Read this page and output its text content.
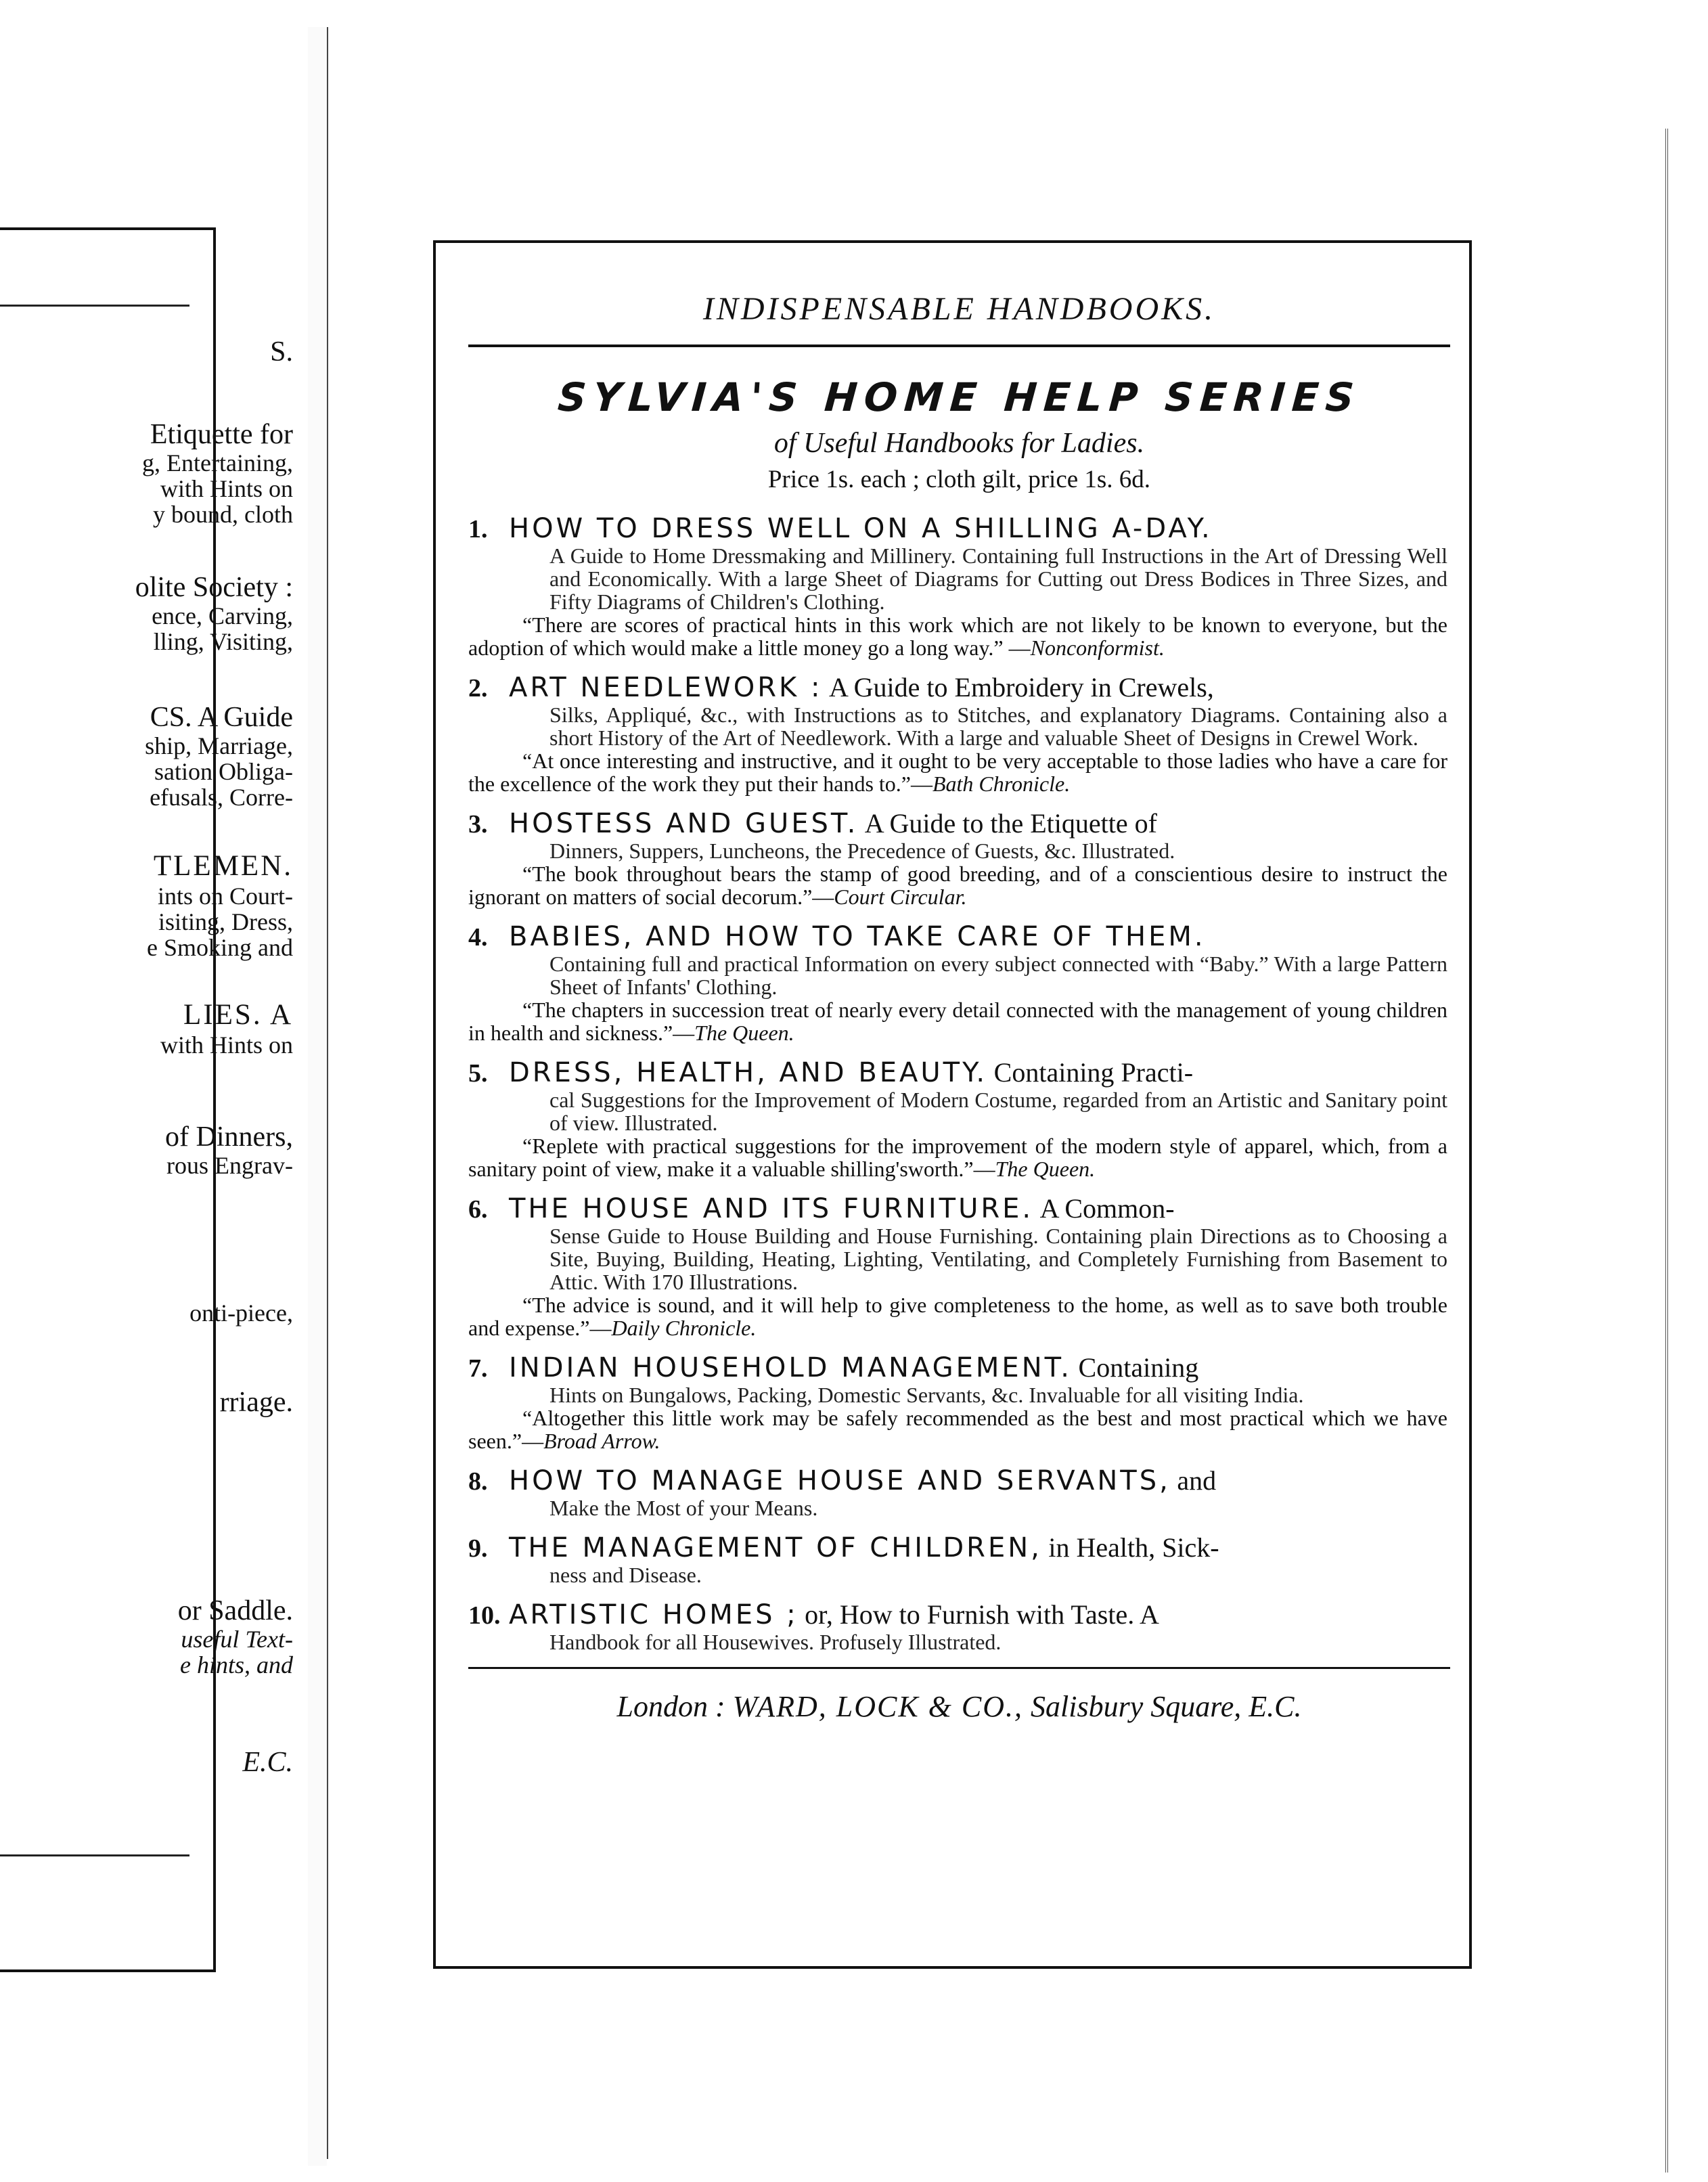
S.
Etiquette for
g, Entertaining,
with Hints on
y bound, cloth
olite Society :
ence, Carving,
lling, Visiting,
CS. A Guide
ship, Marriage,
sation Obliga-
efusals, Corre-
TLEMEN.
ints on Court-
isiting, Dress,
e Smoking and
LIES. A
with Hints on
of Dinners,
rous Engrav-
onti-piece,
rriage.
or Saddle.
useful Text-
e hints, and
E.C.
INDISPENSABLE HANDBOOKS.
SYLVIA'S HOME HELP SERIES
of Useful Handbooks for Ladies.
Price 1s. each ; cloth gilt, price 1s. 6d.
1. HOW TO DRESS WELL ON A SHILLING A-DAY.
A Guide to Home Dressmaking and Millinery. Containing full Instructions in the Art of Dressing Well and Economically. With a large Sheet of Diagrams for Cutting out Dress Bodices in Three Sizes, and Fifty Diagrams of Children's Clothing.
“There are scores of practical hints in this work which are not likely to be known to everyone, but the adoption of which would make a little money go a long way.” —Nonconformist.
2. ART NEEDLEWORK : A Guide to Embroidery in Crewels,
Silks, Appliqué, &c., with Instructions as to Stitches, and explanatory Diagrams. Containing also a short History of the Art of Needlework. With a large and valuable Sheet of Designs in Crewel Work.
“At once interesting and instructive, and it ought to be very acceptable to those ladies who have a care for the excellence of the work they put their hands to.”—Bath Chronicle.
3. HOSTESS AND GUEST. A Guide to the Etiquette of
Dinners, Suppers, Luncheons, the Precedence of Guests, &c. Illustrated.
“The book throughout bears the stamp of good breeding, and of a conscientious desire to instruct the ignorant on matters of social decorum.”—Court Circular.
4. BABIES, AND HOW TO TAKE CARE OF THEM.
Containing full and practical Information on every subject connected with “Baby.” With a large Pattern Sheet of Infants' Clothing.
“The chapters in succession treat of nearly every detail connected with the management of young children in health and sickness.”—The Queen.
5. DRESS, HEALTH, AND BEAUTY. Containing Practi-
cal Suggestions for the Improvement of Modern Costume, regarded from an Artistic and Sanitary point of view. Illustrated.
“Replete with practical suggestions for the improvement of the modern style of apparel, which, from a sanitary point of view, make it a valuable shilling'sworth.”—The Queen.
6. THE HOUSE AND ITS FURNITURE. A Common-
Sense Guide to House Building and House Furnishing. Containing plain Directions as to Choosing a Site, Buying, Building, Heating, Lighting, Ventilating, and Completely Furnishing from Basement to Attic. With 170 Illustrations.
“The advice is sound, and it will help to give completeness to the home, as well as to save both trouble and expense.”—Daily Chronicle.
7. INDIAN HOUSEHOLD MANAGEMENT. Containing
Hints on Bungalows, Packing, Domestic Servants, &c. Invaluable for all visiting India.
“Altogether this little work may be safely recommended as the best and most practical which we have seen.”—Broad Arrow.
8. HOW TO MANAGE HOUSE AND SERVANTS, and
Make the Most of your Means.
9. THE MANAGEMENT OF CHILDREN, in Health, Sick-
ness and Disease.
10. ARTISTIC HOMES ; or, How to Furnish with Taste. A
Handbook for all Housewives. Profusely Illustrated.
London : WARD, LOCK & CO., Salisbury Square, E.C.
